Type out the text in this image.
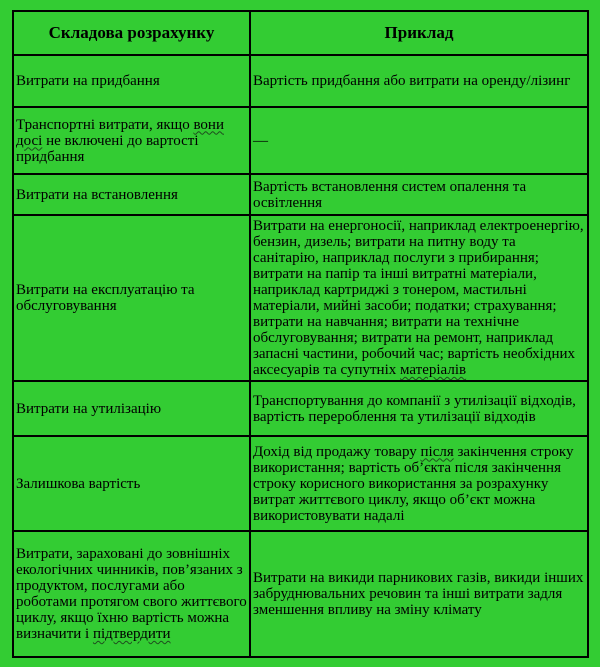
Складова розрахунку	Приклад
Витрати на придбання	Вартість придбання або витрати на оренду/лізинг
Транспортні витрати, якщо вони досі не включені до вартості придбання	—
Витрати на встановлення	Вартість встановлення систем опалення та освітлення
Витрати на експлуатацію та обслуговування	Витрати на енергоносії, наприклад електроенергію, бензин, дизель; витрати на питну воду та санітарію, наприклад послуги з прибирання; витрати на папір та інші витратні матеріали, наприклад картриджі з тонером, мастильні матеріали, мийні засоби; податки; страхування; витрати на навчання; витрати на технічне обслуговування; витрати на ремонт, наприклад запасні частини, робочий час; вартість необхідних аксесуарів та супутніх матеріалів
Витрати на утилізацію	Транспортування до компанії з утилізації відходів, вартість перероблення та утилізації відходів
Залишкова вартість	Дохід від продажу товару після закінчення строку використання; вартість об’єкта після закінчення строку корисного використання за розрахунку витрат життєвого циклу, якщо об’єкт можна використовувати надалі
Витрати, зараховані до зовнішніх екологічних чинників, пов’язаних з продуктом, послугами або роботами протягом свого життєвого циклу, якщо їхню вартість можна визначити і підтвердити	Витрати на викиди парникових газів, викиди інших забруднювальних речовин та інші витрати задля зменшення впливу на зміну клімату
